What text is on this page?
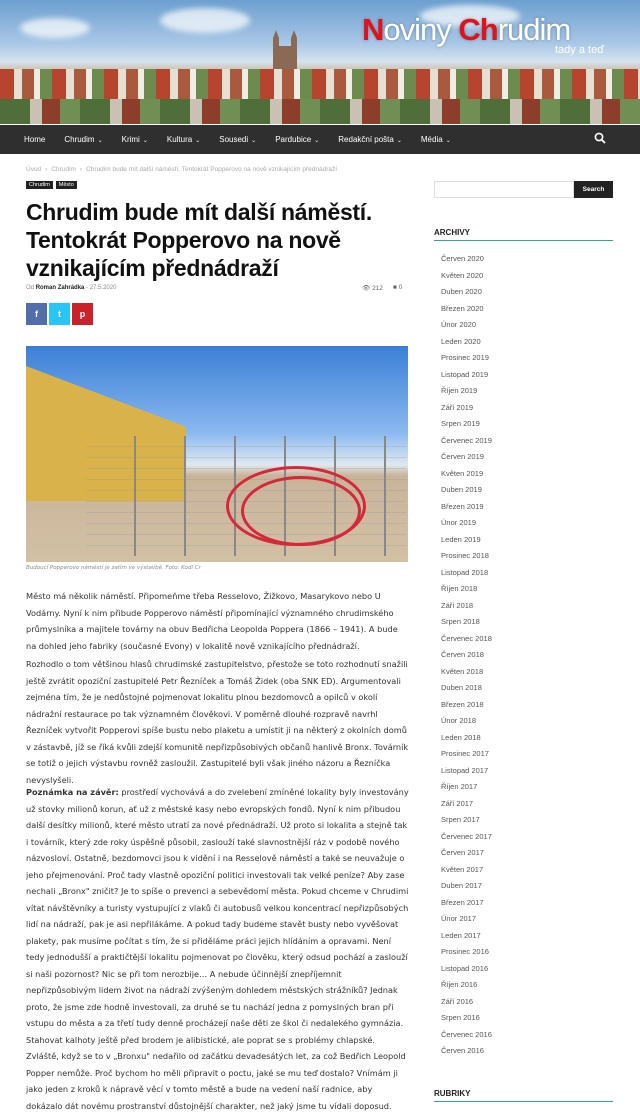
Noviny Chrudim
tady a teď
Home Chrudim ⌄ Krimi ⌄ Kultura ⌄ Sousedi ⌄ Pardubice ⌄ Redakční pošta ⌄ Média ⌄
Úvod › Chrudim › Chrudim bude mít další náměstí. Tentokrát Popperovo na nově vznikajícím přednádraží
Chrudim	Město
Chrudim bude mít další náměstí. Tentokrát Popperovo na nově vznikajícím přednádraží
Od Roman Zahrádka - 27.5.2020	👁 212 ■ 0
f	t	p
Budoucí Popperovo náměstí je zatím ve výstavbě. Foto: Kodl Cr

Město má několik náměstí. Připomeňme třeba Resselovo, Žižkovo, Masarykovo nebo U Vodárny. Nyní k nim přibude Popperovo náměstí připomínající významného chrudimského průmyslníka a majitele továrny na obuv Bedřicha Leopolda Poppera (1866 – 1941). A bude na dohled jeho fabriky (současné Evony) v lokalitě nově vznikajícího přednádraží.

Rozhodlo o tom většinou hlasů chrudimské zastupitelstvo, přestože se toto rozhodnutí snažili ještě zvrátit opoziční zastupitelé Petr Řezníček a Tomáš Židek (oba SNK ED). Argumentovali zejména tím, že je nedůstojné pojmenovat lokalitu plnou bezdomovců a opilců v okolí nádražní restaurace po tak významném člověkovi. V poměrně dlouhé rozpravě navrhl Řezníček vytvořit Popperovi spíše bustu nebo plaketu a umístit ji na některý z okolních domů v zástavbě, jíž se říká kvůli zdejší komunitě nepřizpůsobivých občanů hanlivě Bronx. Továrník se totiž o jejich výstavbu rovněž zasloužil. Zastupitelé byli však jiného názoru a Řezníčka nevyslyšeli.

Poznámka na závěr: prostředí vychovává a do zvelebení zmíněné lokality byly investovány už stovky milionů korun, ať už z městské kasy nebo evropských fondů. Nyní k nim přibudou další desítky milionů, které město utratí za nové přednádraží. Už proto si lokalita a stejně tak i továrník, který zde roky úspěšně působil, zaslouží také slavnostnější ráz v podobě nového názvosloví. Ostatně, bezdomovci jsou k vidění i na Resselově náměstí a také se neuvažuje o jeho přejmenování. Proč tady vlastně opoziční politici investovali tak velké peníze? Aby zase nechali „Bronx" zničit? Je to spíše o prevenci a sebevědomí města. Pokud chceme v Chrudimi vítat návštěvníky a turisty vystupující z vlaků či autobusů velkou koncentrací nepřizpůsobých lidí na nádraží, pak je asi nepřilákáme. A pokud tady budeme stavět busty nebo vyvěšovat plakety, pak musíme počítat s tím, že si přiděláme práci jejich hlídáním a opravami. Není tedy jednodušší a praktičtější lokalitu pojmenovat po člověku, který odsud pochází a zaslouží si naši pozornost? Nic se při tom nerozbije… A nebude účinnější znepříjemnit nepřizpůsobivým lidem život na nádraží zvýšeným dohledem městských strážníků? Jednak proto, že jsme zde hodně investovali, za druhé se tu nachází jedna z pomyslných bran při vstupu do města a za třetí tudy denně procházejí naše děti ze škol či nedalekého gymnázia. Stahovat kalhoty ještě před brodem je alibistické, ale poprat se s problémy chlapské. Zvláště, když se to v „Bronxu" nedařilo od začátku devadesátých let, za což Bedřich Leopold Popper nemůže. Proč bychom ho měli připravit o poctu, jaké se mu teď dostalo? Vnímám ji jako jeden z kroků k nápravě věcí v tomto městě a bude na vedení naší radnice, aby dokázalo dát novému prostranství důstojnější charakter, než jaký jsme tu vídali doposud.

Search
ARCHIVY
Červen 2020
Květen 2020
Duben 2020
Březen 2020
Únor 2020
Leden 2020
Prosinec 2019
Listopad 2019
Říjen 2019
Září 2019
Srpen 2019
Červenec 2019
Červen 2019
Květen 2019
Duben 2019
Březen 2019
Únor 2019
Leden 2019
Prosinec 2018
Listopad 2018
Říjen 2018
Září 2018
Srpen 2018
Červenec 2018
Červen 2018
Květen 2018
Duben 2018
Březen 2018
Únor 2018
Leden 2018
Prosinec 2017
Listopad 2017
Říjen 2017
Září 2017
Srpen 2017
Červenec 2017
Červen 2017
Květen 2017
Duben 2017
Březen 2017
Únor 2017
Leden 2017
Prosinec 2016
Listopad 2016
Říjen 2016
Září 2016
Srpen 2016
Červenec 2016
Červen 2016
RUBRIKY
